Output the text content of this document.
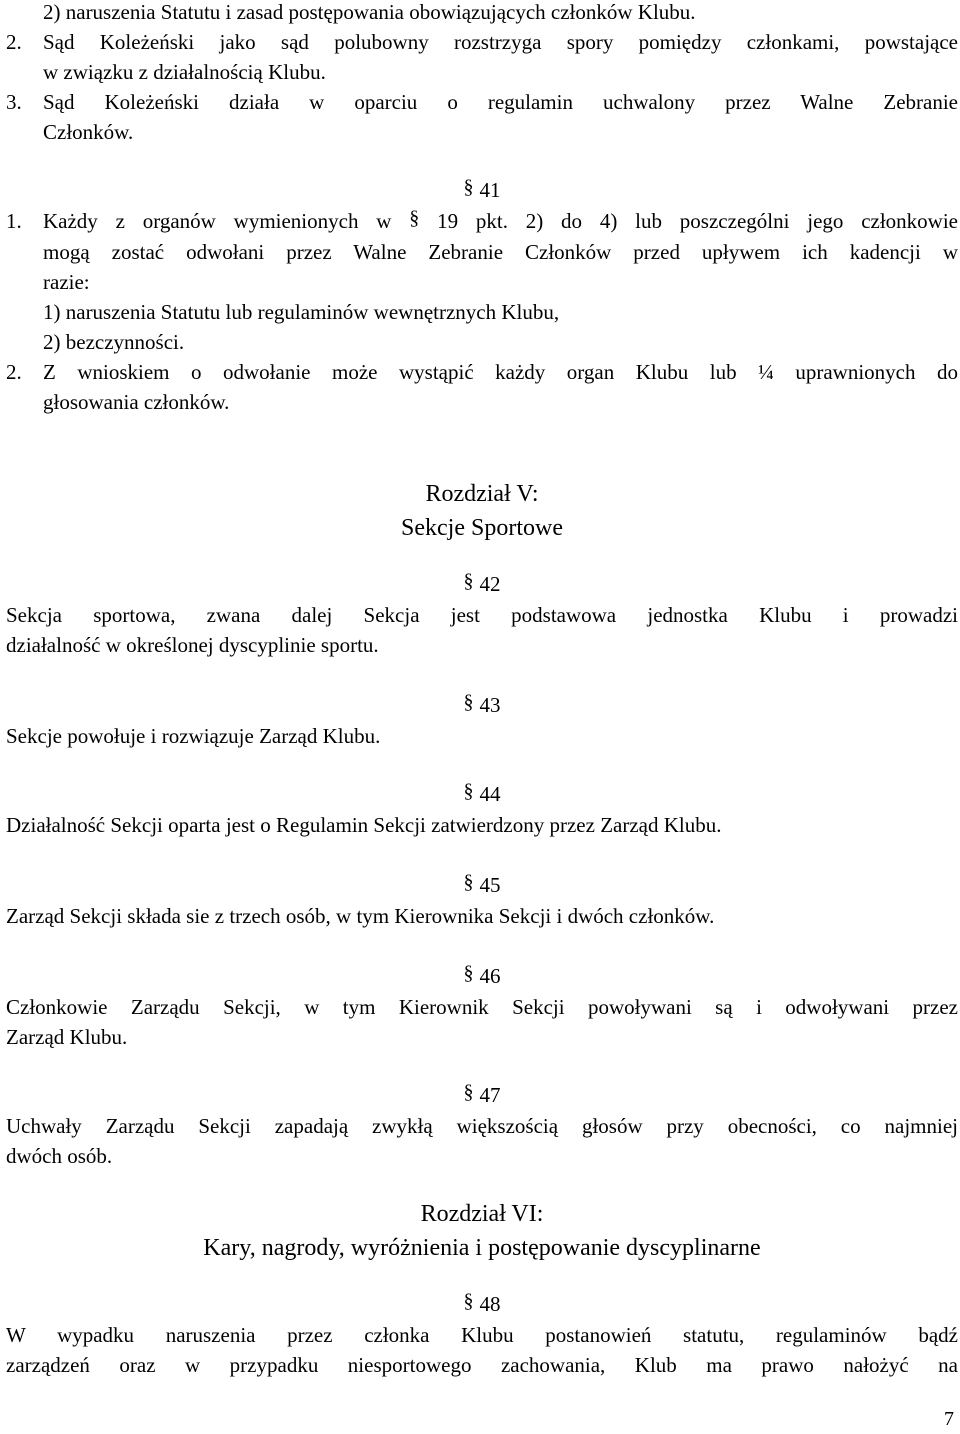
2) naruszenia Statutu i zasad postępowania obowiązujących członków Klubu.
2.	Sąd Koleżeński jako sąd polubowny rozstrzyga spory pomiędzy członkami, powstające
w związku z działalnością Klubu.
3.	Sąd Koleżeński działa w oparciu o regulamin uchwalony przez Walne Zebranie
Członków.
§ 41
1.	Każdy z organów wymienionych w § 19 pkt. 2) do 4) lub poszczególni jego członkowie
mogą zostać odwołani przez Walne Zebranie Członków przed upływem ich kadencji w
razie:
1) naruszenia Statutu lub regulaminów wewnętrznych Klubu,
2) bezczynności.
2.	Z wnioskiem o odwołanie może wystąpić każdy organ Klubu lub ¼ uprawnionych do
głosowania członków.
Rozdział V:
Sekcje Sportowe
§ 42
Sekcja sportowa, zwana dalej Sekcja jest podstawowa jednostka Klubu i prowadzi
działalność w określonej dyscyplinie sportu.
§ 43
Sekcje powołuje i rozwiązuje Zarząd Klubu.
§ 44
Działalność Sekcji oparta jest o Regulamin Sekcji zatwierdzony przez Zarząd Klubu.
§ 45
Zarząd Sekcji składa sie z trzech osób, w tym Kierownika Sekcji i dwóch członków.
§ 46
Członkowie Zarządu Sekcji, w tym Kierownik Sekcji powoływani są i odwoływani przez
Zarząd Klubu.
§ 47
Uchwały Zarządu Sekcji zapadają zwykłą większością głosów przy obecności, co najmniej
dwóch osób.
Rozdział VI:
Kary, nagrody, wyróżnienia i postępowanie dyscyplinarne
§ 48
W wypadku naruszenia przez członka Klubu postanowień statutu, regulaminów bądź
zarządzeń oraz w przypadku niesportowego zachowania, Klub ma prawo nałożyć na
7
